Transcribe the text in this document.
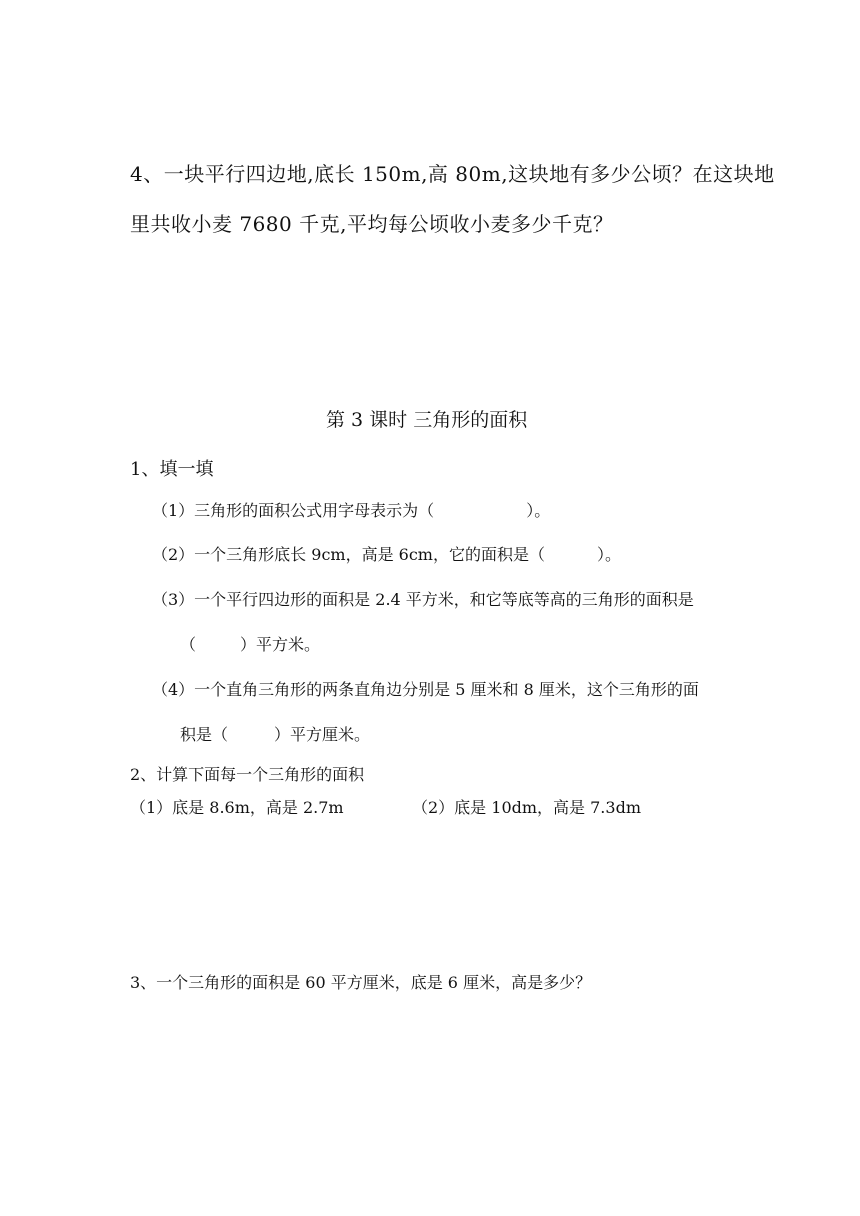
4、一块平行四边地,底长 150m,高 80m,这块地有多少公顷？在这块地

里共收小麦 7680 千克,平均每公顷收小麦多少千克？

第 3 课时 三角形的面积

1、填一填

（1）三角形的面积公式用字母表示为（	）。

（2）一个三角形底长 9cm，高是 6cm，它的面积是（	）。

（3）一个平行四边形的面积是 2.4 平方米，和它等底等高的三角形的面积是

（	）平方米。

（4）一个直角三角形的两条直角边分别是 5 厘米和 8 厘米，这个三角形的面

积是（	）平方厘米。

2、计算下面每一个三角形的面积

（1）底是 8.6m，高是 2.7m	（2）底是 10dm，高是 7.3dm

3、一个三角形的面积是 60 平方厘米，底是 6 厘米，高是多少？
